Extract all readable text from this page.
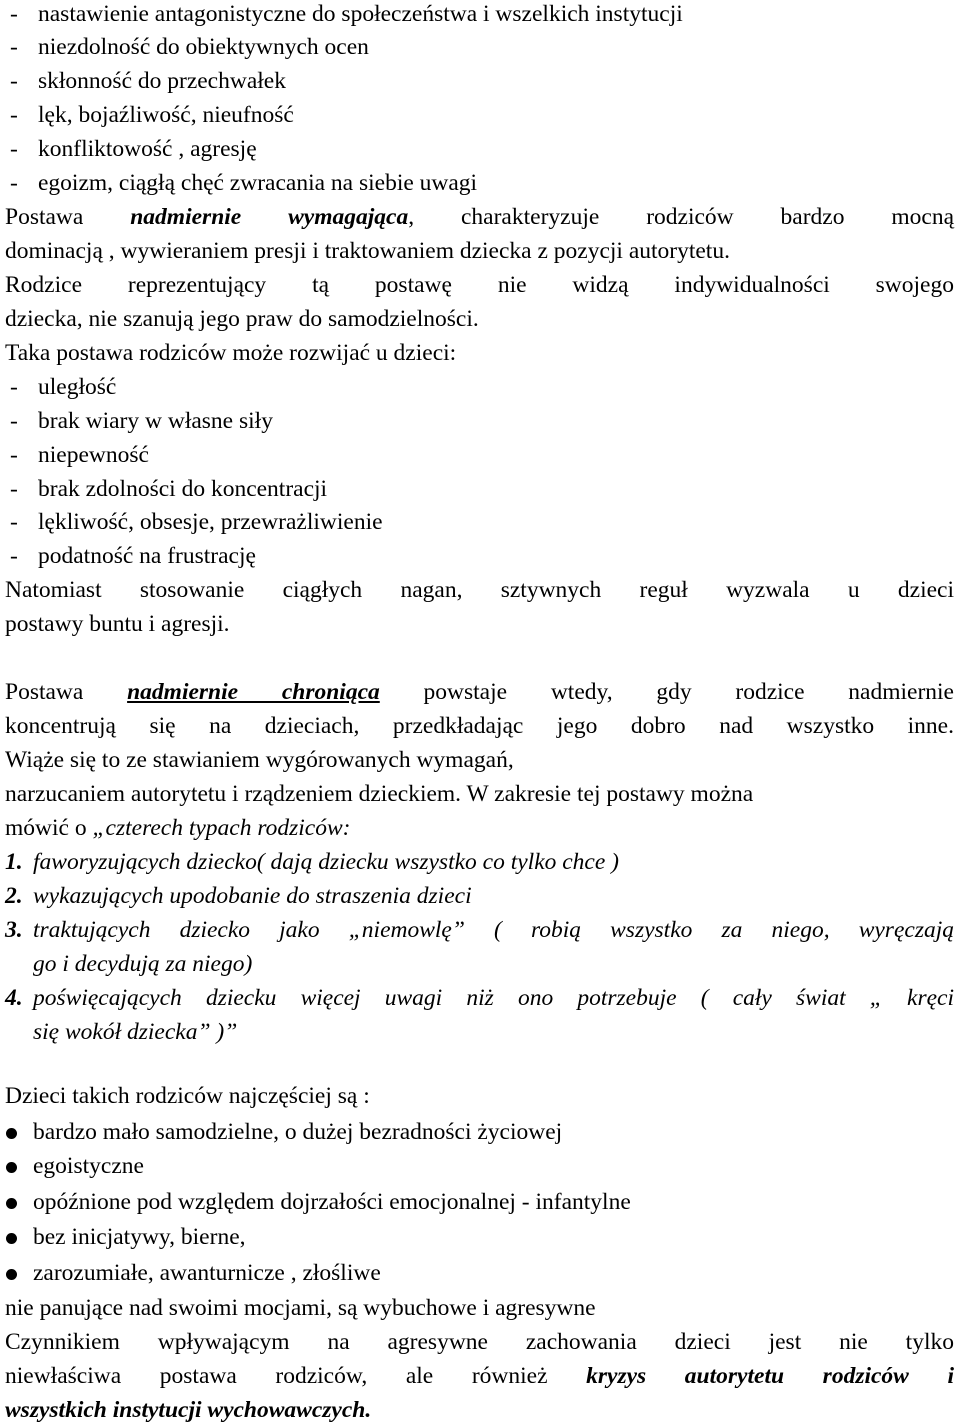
- nastawienie antagonistyczne do społeczeństwa i wszelkich instytucji
- niezdolność do obiektywnych ocen
- skłonność do przechwałek
- lęk, bojaźliwość, nieufność
- konfliktowość , agresję
- egoizm, ciągłą chęć zwracania na siebie uwagi
Postawa nadmiernie wymagająca, charakteryzuje rodziców bardzo mocną
dominacją , wywieraniem presji i traktowaniem dziecka z pozycji autorytetu.
Rodzice reprezentujący tą postawę nie widzą indywidualności swojego
dziecka, nie szanują jego praw do samodzielności.
Taka postawa rodziców może rozwijać u dzieci:
- uległość
- brak wiary w własne siły
- niepewność
- brak zdolności do koncentracji
- lękliwość, obsesje, przewrażliwienie
- podatność na frustrację
Natomiast stosowanie ciągłych nagan, sztywnych reguł wyzwala u dzieci
postawy buntu i agresji.
Postawa nadmiernie chroniąca powstaje wtedy, gdy rodzice nadmiernie
koncentrują się na dzieciach, przedkładając jego dobro nad wszystko inne.
Wiąże się to ze stawianiem wygórowanych wymagań,
narzucaniem autorytetu i rządzeniem dzieckiem. W zakresie tej postawy można
mówić o „czterech typach rodziców:
1. faworyzujących dziecko( dają dziecku wszystko co tylko chce )
2. wykazujących upodobanie do straszenia dzieci
3. traktujących dziecko jako „niemowlę” ( robią wszystko za niego, wyręczają
go i decydują za niego)
4. poświęcających dziecku więcej uwagi niż ono potrzebuje ( cały świat „ kręci
się wokół dziecka” )”
Dzieci takich rodziców najczęściej są :
bardzo mało samodzielne, o dużej bezradności życiowej
egoistyczne
opóźnione pod względem dojrzałości emocjonalnej - infantylne
bez inicjatywy, bierne,
zarozumiałe, awanturnicze , złośliwe
nie panujące nad swoimi mocjami, są wybuchowe i agresywne
Czynnikiem wpływającym na agresywne zachowania dzieci jest nie tylko
niewłaściwa postawa rodziców, ale również kryzys autorytetu rodziców i
wszystkich instytucji wychowawczych.
